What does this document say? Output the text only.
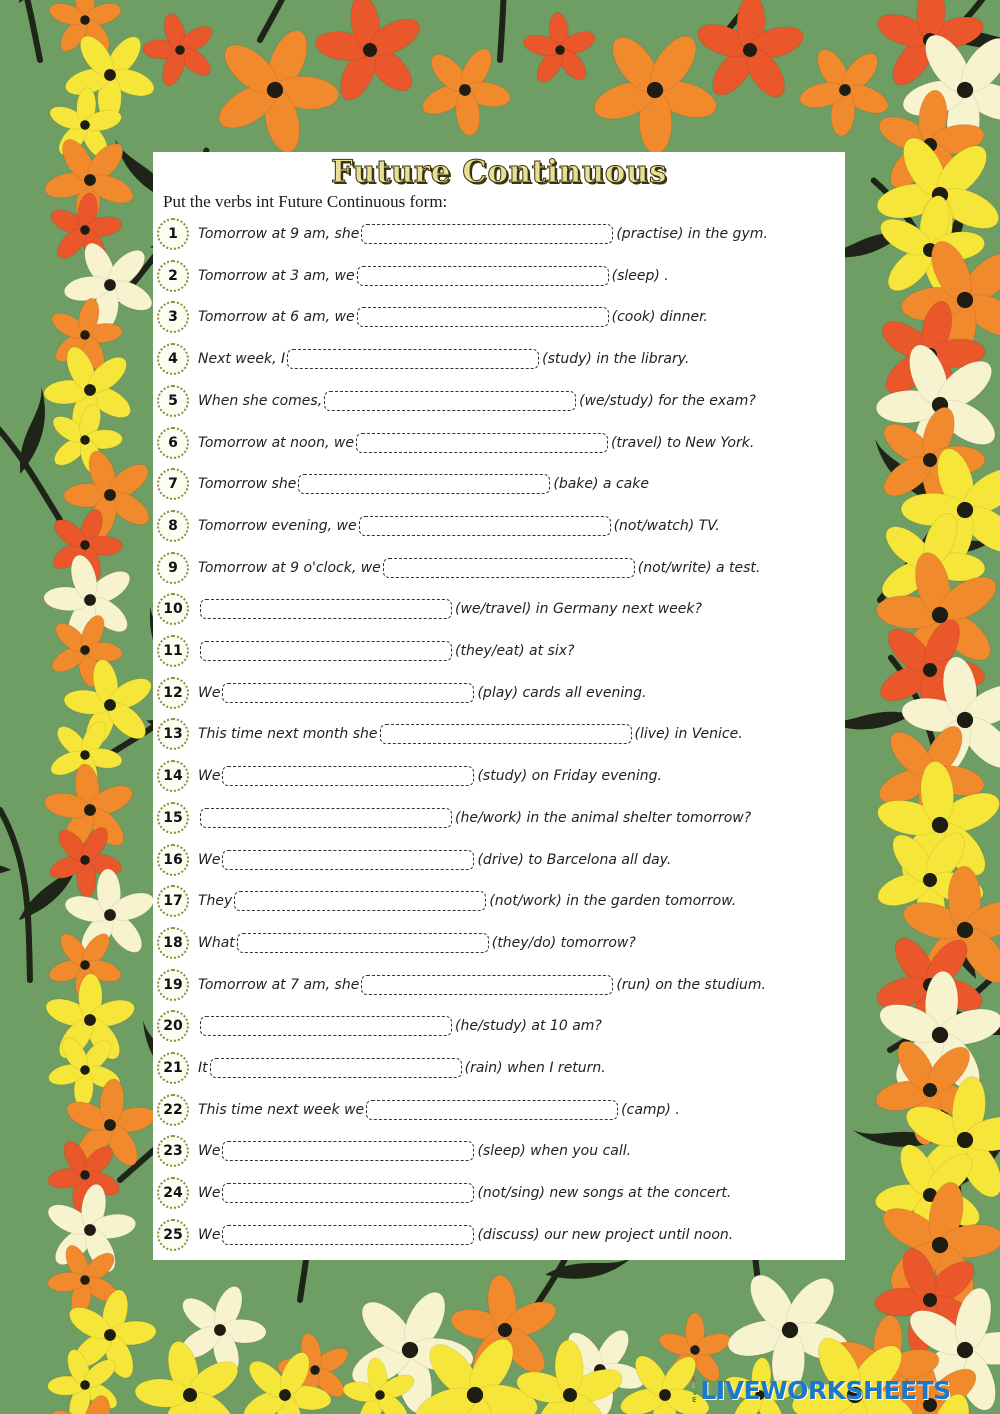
Future Continuous
Put the verbs int Future Continuous form:
1	Tomorrow at 9 am, she	(practise) in the gym.
2	Tomorrow at 3 am, we	(sleep) .
3	Tomorrow at 6 am, we	(cook) dinner.
4	Next week, I	(study) in the library.
5	When she comes,	(we/study) for the exam?
6	Tomorrow at noon, we	(travel) to New York.
7	Tomorrow she	(bake) a cake
8	Tomorrow evening, we	(not/watch) TV.
9	Tomorrow at 9 o'clock, we	(not/write) a test.
10	(we/travel) in Germany next week?
11	(they/eat) at six?
12	We	(play) cards all evening.
13	This time next month she	(live) in Venice.
14	We	(study) on Friday evening.
15	(he/work) in the animal shelter tomorrow?
16	We	(drive) to Barcelona all day.
17	They	(not/work) in the garden tomorrow.
18	What	(they/do) tomorrow?
19	Tomorrow at 7 am, she	(run) on the studium.
20	(he/study) at 10 am?
21	It	(rain) when I return.
22	This time next week we	(camp) .
23	We	(sleep) when you call.
24	We	(not/sing) new songs at the concert.
25	We	(discuss) our new project until noon.
L
I
V
E LIVEWORKSHEETS
